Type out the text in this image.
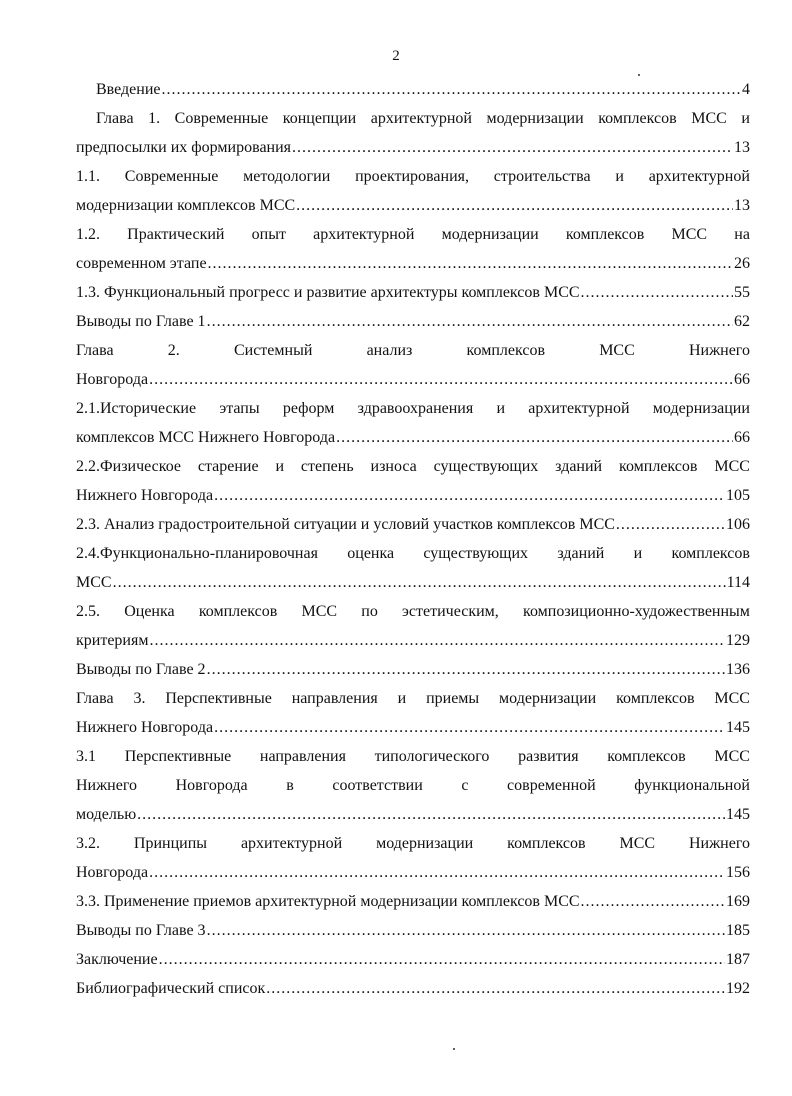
2
Введение .....	4
Глава 1. Современные концепции архитектурной модернизации комплексов МСС и
предпосылки их формирования .....	13
1.1. Современные методологии проектирования, строительства и архитектурной
модернизации комплексов МСС .....	13
1.2. Практический опыт архитектурной модернизации комплексов МСС на
современном этапе .....	26
1.3. Функциональный прогресс и развитие архитектуры комплексов МСС .....	55
Выводы по Главе 1 .....	62
Глава	2.	Системный	анализ	комплексов	МСС	Нижнего
Новгорода .....	66
2.1.Исторические этапы реформ здравоохранения и архитектурной модернизации
комплексов МСС Нижнего Новгорода .....	66
2.2.Физическое старение и степень износа существующих зданий комплексов МСС
Нижнего Новгорода .....	105
2.3. Анализ градостроительной ситуации и условий участков комплексов МСС .....	106
2.4.Функционально-планировочная оценка существующих зданий и комплексов
МСС .....	114
2.5. Оценка комплексов МСС по эстетическим, композиционно-художественным
критериям .....	129
Выводы по Главе 2 .....	136
Глава 3. Перспективные направления и приемы модернизации комплексов МСС
Нижнего Новгорода .....	145
3.1 Перспективные направления типологического развития комплексов МСС
Нижнего Новгорода в соответствии с современной функциональной
моделью .....	145
3.2. Принципы архитектурной модернизации комплексов МСС Нижнего
Новгорода .....	156
3.3. Применение приемов архитектурной модернизации комплексов МСС .....	169
Выводы по Главе 3 .....	185
Заключение .....	187
Библиографический список .....	192
